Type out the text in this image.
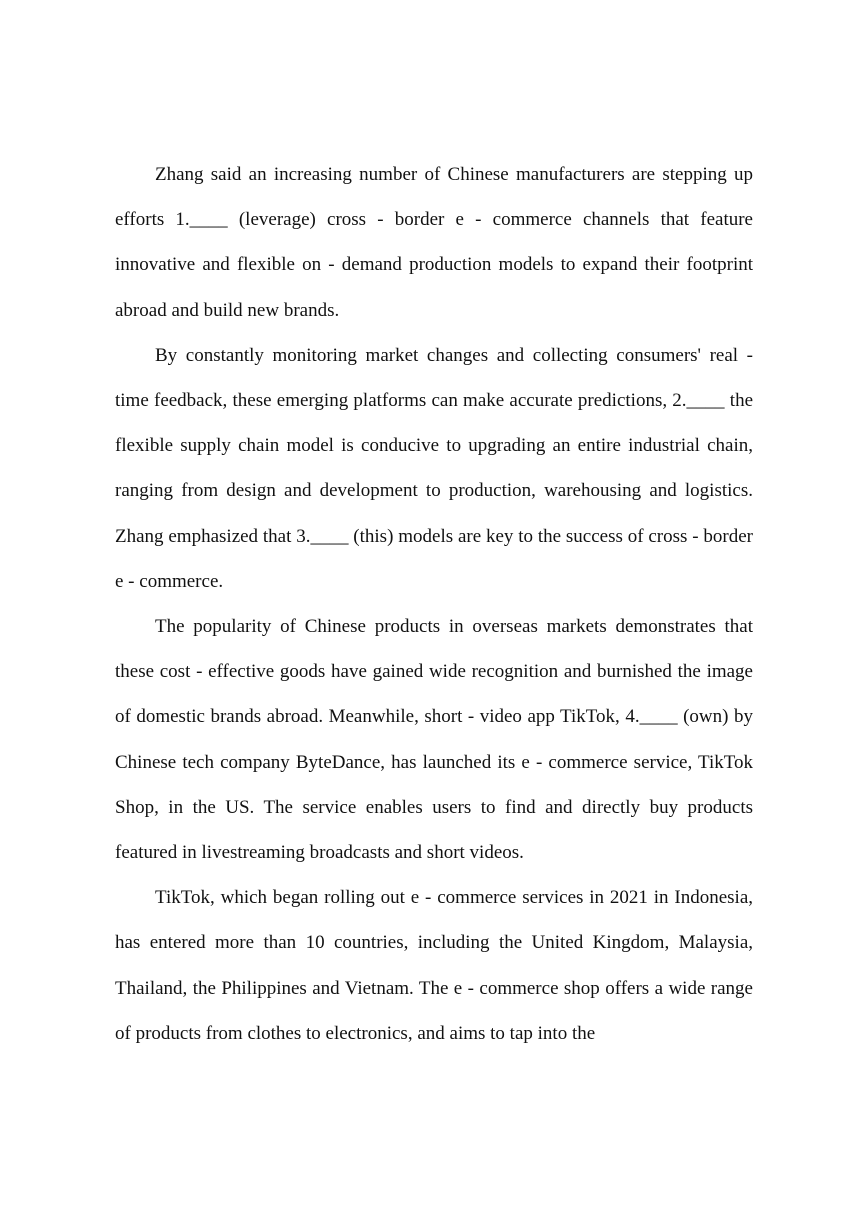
Zhang said an increasing number of Chinese manufacturers are stepping up efforts 1.____ (leverage) cross - border e - commerce channels that feature innovative and flexible on - demand production models to expand their footprint abroad and build new brands.

By constantly monitoring market changes and collecting consumers' real - time feedback, these emerging platforms can make accurate predictions, 2.____ the flexible supply chain model is conducive to upgrading an entire industrial chain, ranging from design and development to production, warehousing and logistics. Zhang emphasized that 3.____ (this) models are key to the success of cross - border e - commerce.

The popularity of Chinese products in overseas markets demonstrates that these cost - effective goods have gained wide recognition and burnished the image of domestic brands abroad. Meanwhile, short - video app TikTok, 4.____ (own) by Chinese tech company ByteDance, has launched its e - commerce service, TikTok Shop, in the US. The service enables users to find and directly buy products featured in livestreaming broadcasts and short videos.

TikTok, which began rolling out e - commerce services in 2021 in Indonesia, has entered more than 10 countries, including the United Kingdom, Malaysia, Thailand, the Philippines and Vietnam. The e - commerce shop offers a wide range of products from clothes to electronics, and aims to tap into the
